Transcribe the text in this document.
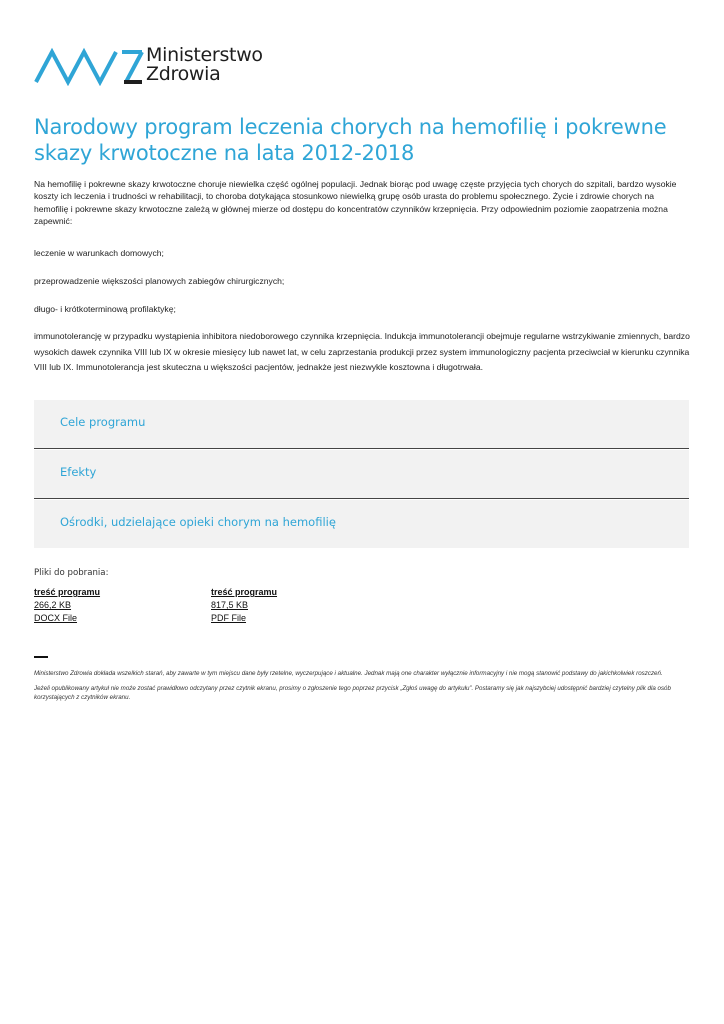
Ministerstwo
Zdrowia
Narodowy program leczenia chorych na hemofilię i pokrewne skazy krwotoczne na lata 2012-2018

Na hemofilię i pokrewne skazy krwotoczne choruje niewielka część ogólnej populacji. Jednak biorąc pod uwagę częste przyjęcia tych chorych do szpitali, bardzo wysokie koszty ich leczenia i trudności w rehabilitacji, to choroba dotykająca stosunkowo niewielką grupę osób urasta do problemu społecznego. Życie i zdrowie chorych na hemofilię i pokrewne skazy krwotoczne zależą w głównej mierze od dostępu do koncentratów czynników krzepnięcia. Przy odpowiednim poziomie zaopatrzenia można zapewnić:

leczenie w warunkach domowych;

przeprowadzenie większości planowych zabiegów chirurgicznych;

długo- i krótkoterminową profilaktykę;

immunotolerancję w przypadku wystąpienia inhibitora niedoborowego czynnika krzepnięcia. Indukcja immunotolerancji obejmuje regularne wstrzykiwanie zmiennych, bardzo wysokich dawek czynnika VIII lub IX w okresie miesięcy lub nawet lat, w celu zaprzestania produkcji przez system immunologiczny pacjenta przeciwciał w kierunku czynnika VIII lub IX. Immunotolerancja jest skuteczna u większości pacjentów, jednakże jest niezwykle kosztowna i długotrwała.

Cele programu
Efekty
Ośrodki, udzielające opieki chorym na hemofilię
Pliki do pobrania:
treść programu
266,2 KB
DOCX File
treść programu
817,5 KB
PDF File

Ministerstwo Zdrowia dokłada wszelkich starań, aby zawarte w tym miejscu dane były rzetelne, wyczerpujące i aktualne. Jednak mają one charakter wyłącznie informacyjny i nie mogą stanowić podstawy do jakichkolwiek roszczeń.

Jeżeli opublikowany artykuł nie może zostać prawidłowo odczytany przez czytnik ekranu, prosimy o zgłoszenie tego poprzez przycisk „Zgłoś uwagę do artykułu”. Postaramy się jak najszybciej udostępnić bardziej czytelny plik dla osób korzystających z czytników ekranu.
